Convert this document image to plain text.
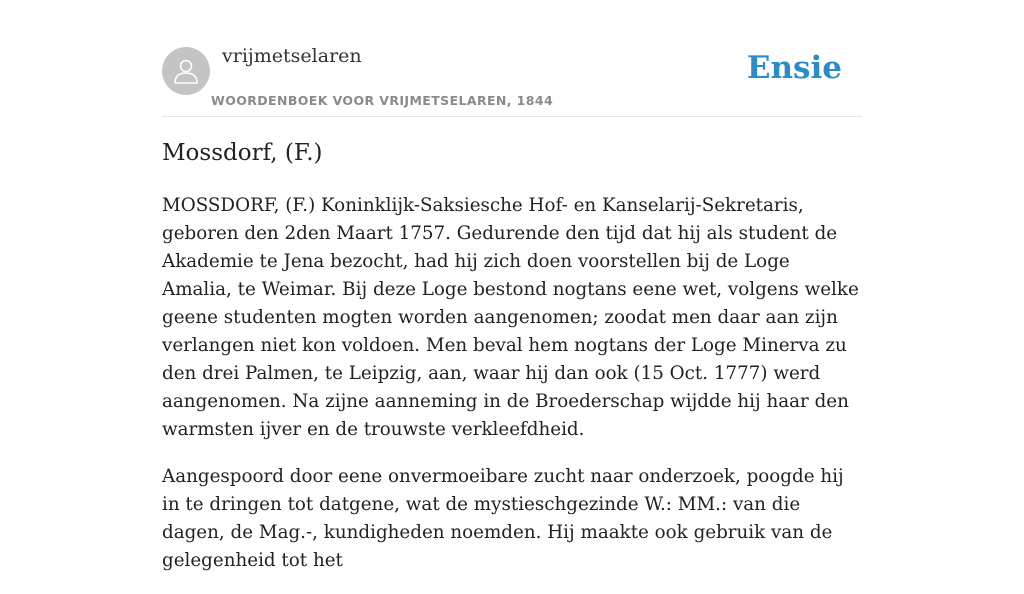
vrijmetselaren
WOORDENBOEK VOOR VRIJMETSELAREN, 1844
Ensie
Mossdorf, (F.)

MOSSDORF, (F.) Koninklijk-Saksiesche Hof- en Kanselarij-Sekretaris, geboren den 2den Maart 1757. Gedurende den tijd dat hij als student de Akademie te Jena bezocht, had hij zich doen voorstellen bij de Loge Amalia, te Weimar. Bij deze Loge bestond nogtans eene wet, volgens welke geene studenten mogten worden aangenomen; zoodat men daar aan zijn verlangen niet kon voldoen. Men beval hem nogtans der Loge Minerva zu den drei Palmen, te Leipzig, aan, waar hij dan ook (15 Oct. 1777) werd aangenomen. Na zijne aanneming in de Broederschap wijdde hij haar den warmsten ijver en de trouwste verkleefdheid.

Aangespoord door eene onvermoeibare zucht naar onderzoek, poogde hij in te dringen tot datgene, wat de mystieschgezinde W.: MM.: van die dagen, de Mag.-, kundigheden noemden. Hij maakte ook gebruik van de gelegenheid tot het
